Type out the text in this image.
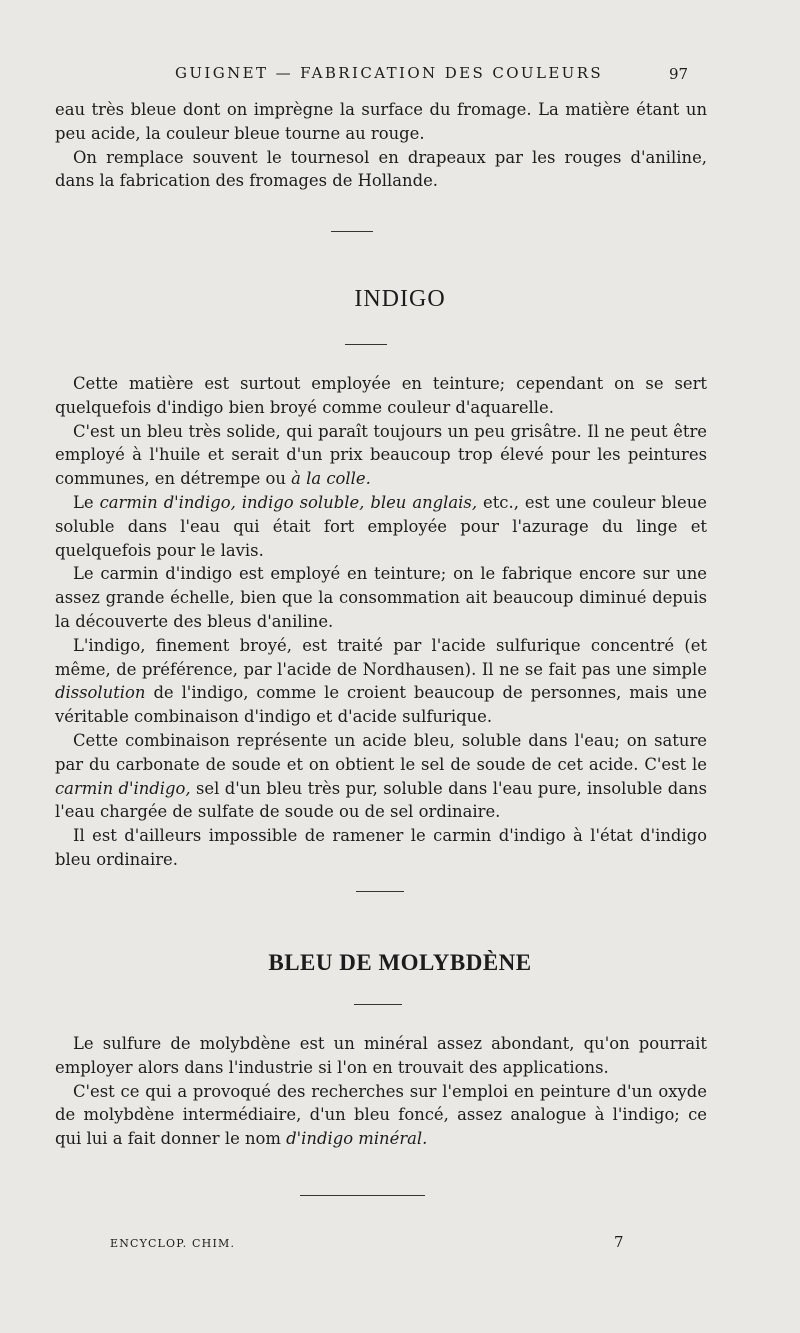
GUIGNET — FABRICATION DES COULEURS	97

eau très bleue dont on imprègne la surface du fromage. La matière étant un peu acide, la couleur bleue tourne au rouge.

On remplace souvent le tournesol en drapeaux par les rouges d'aniline, dans la fabrication des fromages de Hollande.

INDIGO

Cette matière est surtout employée en teinture; cependant on se sert quelquefois d'indigo bien broyé comme couleur d'aquarelle.

C'est un bleu très solide, qui paraît toujours un peu grisâtre. Il ne peut être employé à l'huile et serait d'un prix beaucoup trop élevé pour les peintures communes, en détrempe ou à la colle.

Le carmin d'indigo, indigo soluble, bleu anglais, etc., est une couleur bleue soluble dans l'eau qui était fort employée pour l'azurage du linge et quelquefois pour le lavis.

Le carmin d'indigo est employé en teinture; on le fabrique encore sur une assez grande échelle, bien que la consommation ait beaucoup diminué depuis la découverte des bleus d'aniline.

L'indigo, finement broyé, est traité par l'acide sulfurique concentré (et même, de préférence, par l'acide de Nordhausen). Il ne se fait pas une simple dissolution de l'indigo, comme le croient beaucoup de personnes, mais une véritable combinaison d'indigo et d'acide sulfurique.

Cette combinaison représente un acide bleu, soluble dans l'eau; on sature par du carbonate de soude et on obtient le sel de soude de cet acide. C'est le carmin d'indigo, sel d'un bleu très pur, soluble dans l'eau pure, insoluble dans l'eau chargée de sulfate de soude ou de sel ordinaire.

Il est d'ailleurs impossible de ramener le carmin d'indigo à l'état d'indigo bleu ordinaire.

BLEU DE MOLYBDÈNE

Le sulfure de molybdène est un minéral assez abondant, qu'on pourrait employer alors dans l'industrie si l'on en trouvait des applications.

C'est ce qui a provoqué des recherches sur l'emploi en peinture d'un oxyde de molybdène intermédiaire, d'un bleu foncé, assez analogue à l'indigo; ce qui lui a fait donner le nom d'indigo minéral.

ENCYCLOP. CHIM.	7
